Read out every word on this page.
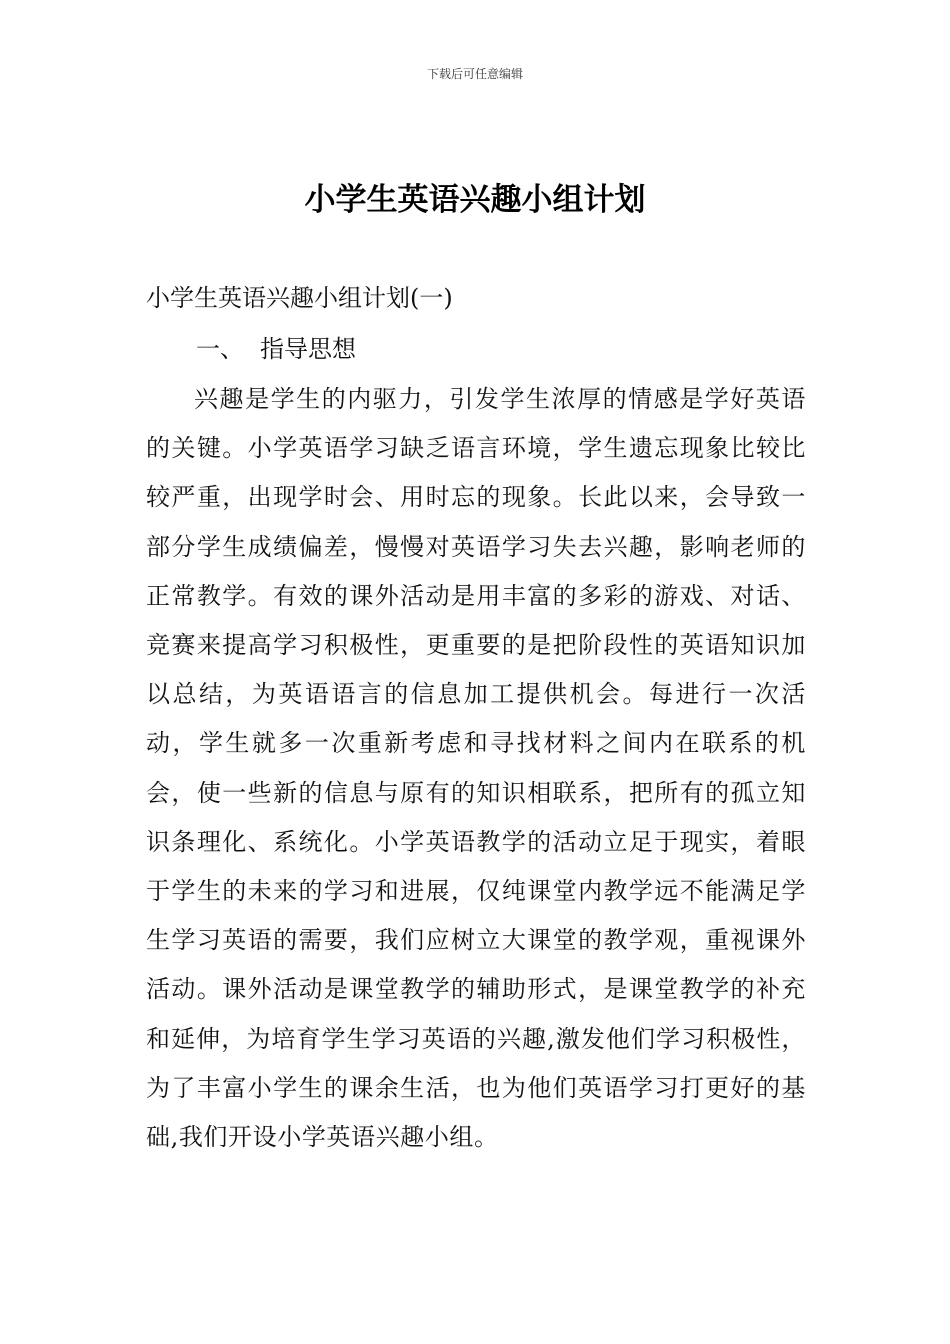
下载后可任意编辑
小学生英语兴趣小组计划

小学生英语兴趣小组计划(一)

一、 指导思想

兴趣是学生的内驱力，引发学生浓厚的情感是学好英语的关键。小学英语学习缺乏语言环境，学生遗忘现象比较比较严重，出现学时会、用时忘的现象。长此以来，会导致一部分学生成绩偏差，慢慢对英语学习失去兴趣，影响老师的正常教学。有效的课外活动是用丰富的多彩的游戏、对话、竞赛来提高学习积极性，更重要的是把阶段性的英语知识加以总结，为英语语言的信息加工提供机会。每进行一次活动，学生就多一次重新考虑和寻找材料之间内在联系的机会，使一些新的信息与原有的知识相联系，把所有的孤立知识条理化、系统化。小学英语教学的活动立足于现实，着眼于学生的未来的学习和进展，仅纯课堂内教学远不能满足学生学习英语的需要，我们应树立大课堂的教学观，重视课外活动。课外活动是课堂教学的辅助形式，是课堂教学的补充和延伸，为培育学生学习英语的兴趣,激发他们学习积极性，为了丰富小学生的课余生活，也为他们英语学习打更好的基础,我们开设小学英语兴趣小组。
